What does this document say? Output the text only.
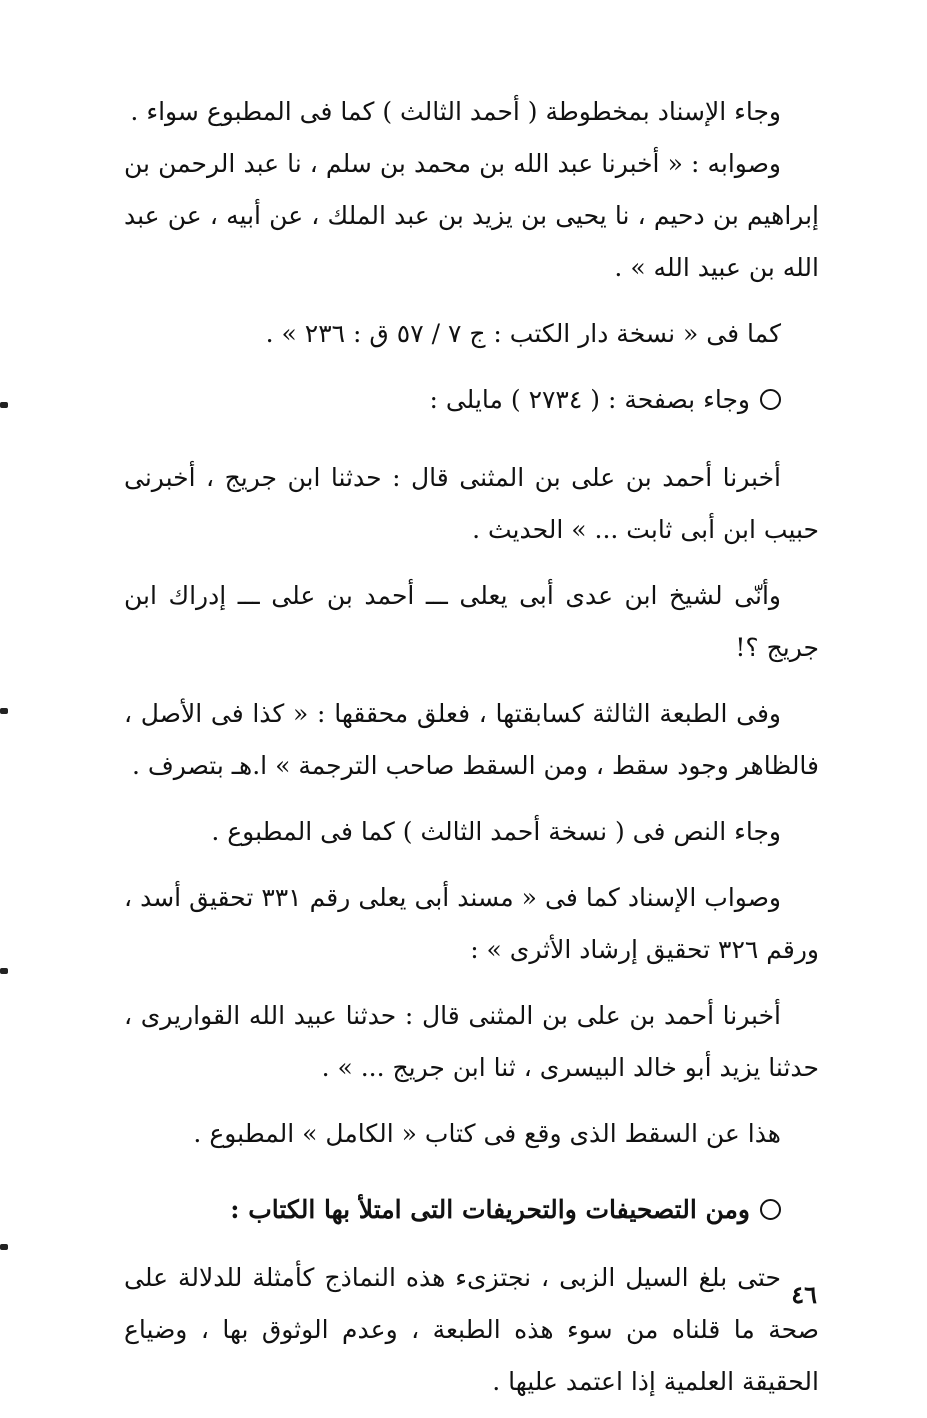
وجاء الإسناد بمخطوطة ( أحمد الثالث ) كما فى المطبوع سواء .

وصوابه : « أخبرنا عبد الله بن محمد بن سلم ، نا عبد الرحمن بن إبراهيم بن دحيم ، نا يحيى بن يزيد بن عبد الملك ، عن أبيه ، عن عبد الله بن عبيد الله » .

كما فى « نسخة دار الكتب : ج ٧ / ٥٧ ق : ٢٣٦ » .

وجاء بصفحة : ( ٢٧٣٤ ) مايلى :

أخبرنا أحمد بن على بن المثنى قال : حدثنا ابن جريج ، أخبرنى حبيب ابن أبى ثابت ... » الحديث .

وأنّى لشيخ ابن عدى أبى يعلى ـــ أحمد بن على ـــ إدراك ابن جريج ؟!

وفى الطبعة الثالثة كسابقتها ، فعلق محققها : « كذا فى الأصل ، فالظاهر وجود سقط ، ومن السقط صاحب الترجمة » ا.هـ بتصرف .

وجاء النص فى ( نسخة أحمد الثالث ) كما فى المطبوع .

وصواب الإسناد كما فى « مسند أبى يعلى رقم ٣٣١ تحقيق أسد ، ورقم ٣٢٦ تحقيق إرشاد الأثرى » :

أخبرنا أحمد بن على بن المثنى قال : حدثنا عبيد الله القواريرى ، حدثنا يزيد أبو خالد البيسرى ، ثنا ابن جريج ... » .

هذا عن السقط الذى وقع فى كتاب « الكامل » المطبوع .

ومن التصحيفات والتحريفات التى امتلأ بها الكتاب :

حتى بلغ السيل الزبى ، نجتزىء هذه النماذج كأمثلة للدلالة على صحة ما قلناه من سوء هذه الطبعة ، وعدم الوثوق بها ، وضياع الحقيقة العلمية إذا اعتمد عليها .

٤٦
